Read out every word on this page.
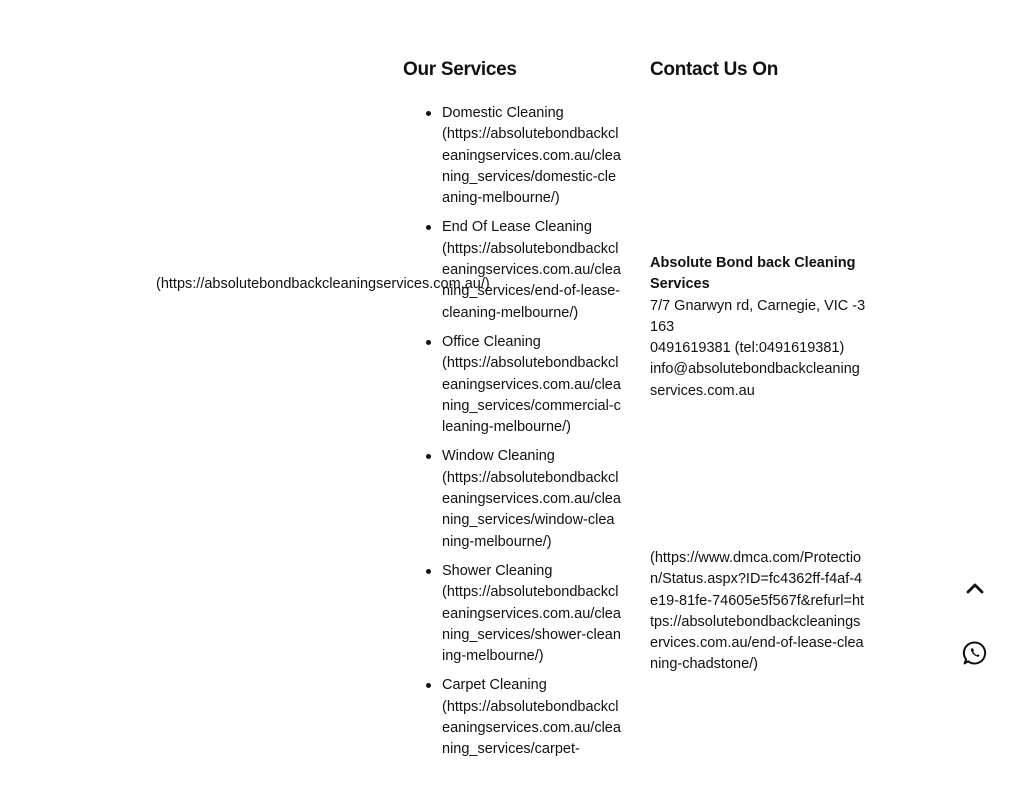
(https://absolutebondbackcleaningservices.com.au/)
Our Services	Contact Us On
Domestic Cleaning
(https://absolutebondbackcleaningservices.com.au/cleaning_services/domestic-cleaning-melbourne/)
End Of Lease Cleaning
(https://absolutebondbackcleaningservices.com.au/cleaning_services/end-of-lease-cleaning-melbourne/)
Office Cleaning
(https://absolutebondbackcleaningservices.com.au/cleaning_services/commercial-cleaning-melbourne/)
Window Cleaning
(https://absolutebondbackcleaningservices.com.au/cleaning_services/window-cleaning-melbourne/)
Shower Cleaning
(https://absolutebondbackcleaningservices.com.au/cleaning_services/shower-cleaning-melbourne/)
Carpet Cleaning
(https://absolutebondbackcleaningservices.com.au/cleaning_services/carpet-
Absolute Bond back Cleaning Services
7/7 Gnarwyn rd, Carnegie, VIC -3163
0491619381 (tel:0491619381)
info@absolutebondbackcleaningservices.com.au
(https://www.dmca.com/Protection/Status.aspx?ID=fc4362ff-f4af-4e19-81fe-74605e5f567f&refurl=https://absolutebondbackcleaningservices.com.au/end-of-lease-cleaning-chadstone/)
